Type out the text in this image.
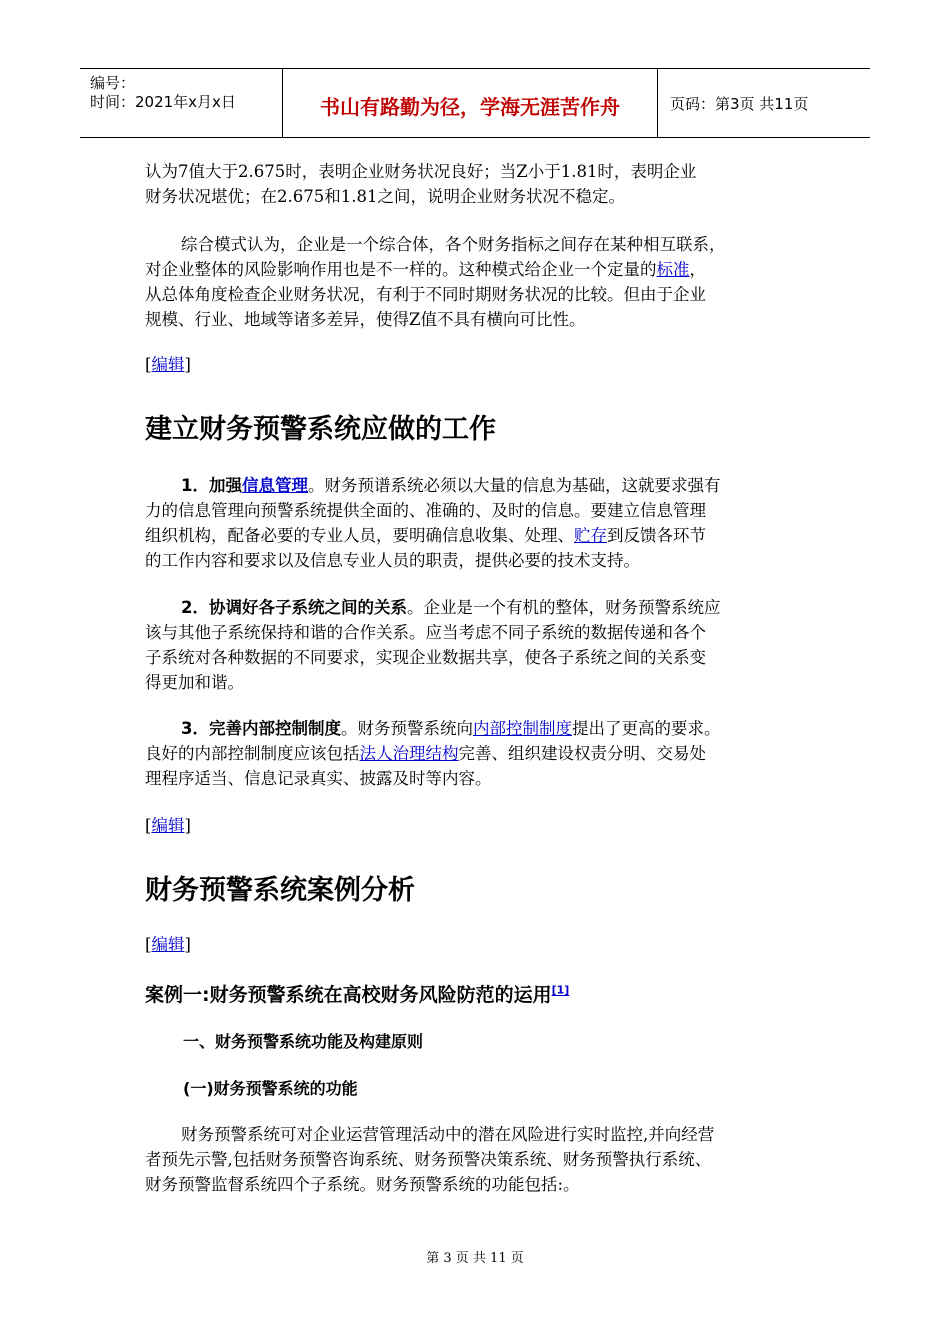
编号：
时间：2021年x月x日	书山有路勤为径，学海无涯苦作舟	页码：第3页 共11页

认为7值大于2.675时，表明企业财务状况良好；当Z小于1.81时，表明企业
财务状况堪优；在2.675和1.81之间，说明企业财务状况不稳定。

综合模式认为，企业是一个综合体，各个财务指标之间存在某种相互联系，
对企业整体的风险影响作用也是不一样的。这种模式给企业一个定量的标准，
从总体角度检查企业财务状况，有利于不同时期财务状况的比较。但由于企业
规模、行业、地域等诸多差异，使得Z值不具有横向可比性。

[编辑]
建立财务预警系统应做的工作

1．加强信息管理。财务预谱系统必须以大量的信息为基础，这就要求强有
力的信息管理向预警系统提供全面的、准确的、及时的信息。要建立信息管理
组织机构，配备必要的专业人员，要明确信息收集、处理、贮存到反馈各环节
的工作内容和要求以及信息专业人员的职责，提供必要的技术支持。

2．协调好各子系统之间的关系。企业是一个有机的整体，财务预警系统应
该与其他子系统保持和谐的合作关系。应当考虑不同子系统的数据传递和各个
子系统对各种数据的不同要求，实现企业数据共享，使各子系统之间的关系变
得更加和谐。

3．完善内部控制制度。财务预警系统向内部控制制度提出了更高的要求。
良好的内部控制制度应该包括法人治理结构完善、组织建设权责分明、交易处
理程序适当、信息记录真实、披露及时等内容。

[编辑]
财务预警系统案例分析
[编辑]
案例一:财务预警系统在高校财务风险防范的运用[1]
一、财务预警系统功能及构建原则
(一)财务预警系统的功能

财务预警系统可对企业运营管理活动中的潜在风险进行实时监控,并向经营
者预先示警,包括财务预警咨询系统、财务预警决策系统、财务预警执行系统、
财务预警监督系统四个子系统。财务预警系统的功能包括:。

第 3 页 共 11 页
